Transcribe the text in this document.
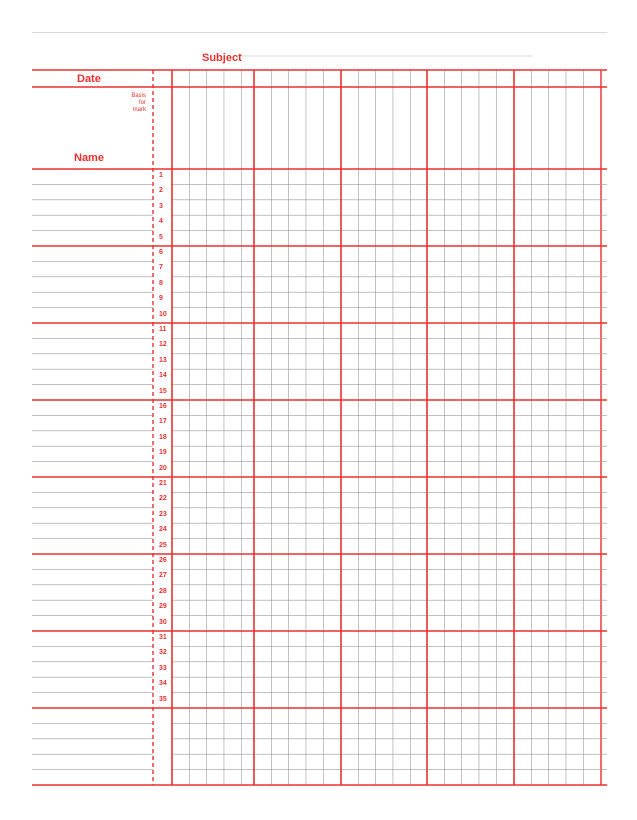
Subject
Date
Basis
for
mark
Name
1
2
3
4
5
6
7
8
9
10
11
12
13
14
15
16
17
18
19
20
21
22
23
24
25
26
27
28
29
30
31
32
33
34
35
